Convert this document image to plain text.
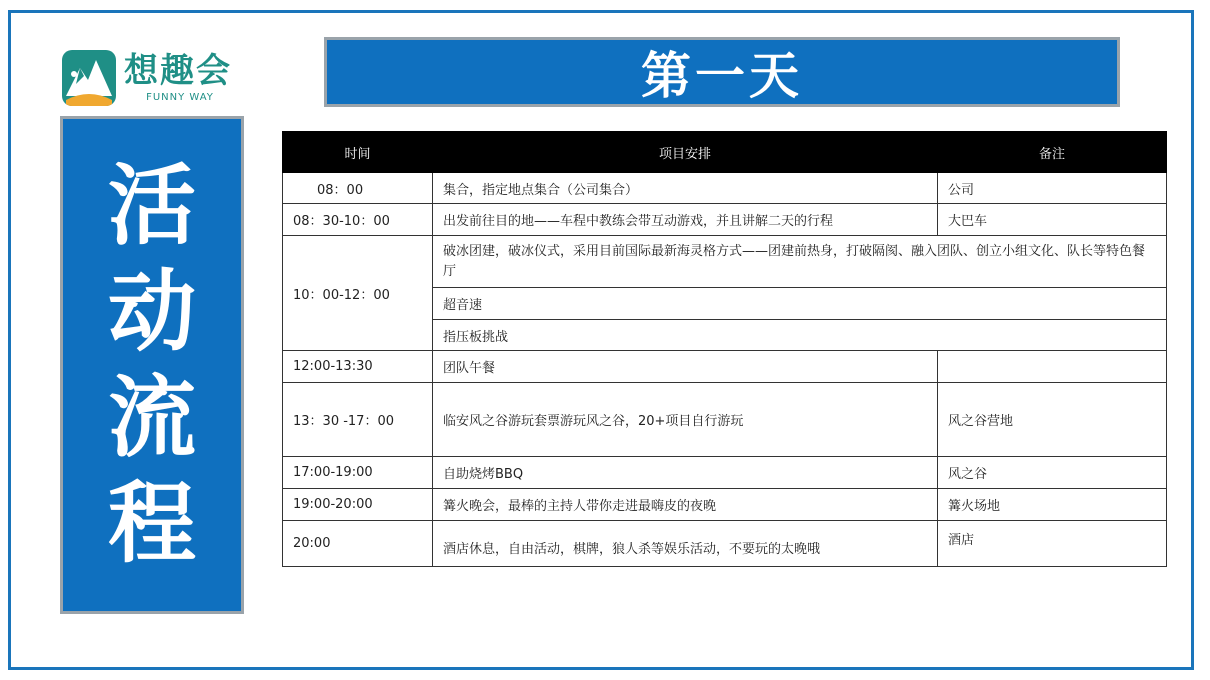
想趣会
FUNNY WAY
活
动
流
程
第一天
时间	项目安排	备注
08：00	集合，指定地点集合（公司集合）	公司
08：30-10：00	出发前往目的地——车程中教练会带互动游戏，并且讲解二天的行程	大巴车
10：00-12：00	破冰团建，破冰仪式，采用目前国际最新海灵格方式——团建前热身，打破隔阂、融入团队、创立小组文化、队长等特色餐厅	
	超音速	
	指压板挑战	
12:00-13:30	团队午餐	
13：30 -17：00	临安风之谷游玩套票游玩风之谷，20+项目自行游玩	风之谷营地
17:00-19:00	自助烧烤BBQ	风之谷
19:00-20:00	篝火晚会，最棒的主持人带你走进最嗨皮的夜晚	篝火场地
20:00	酒店休息，自由活动，棋牌，狼人杀等娱乐活动，不要玩的太晚哦	酒店
